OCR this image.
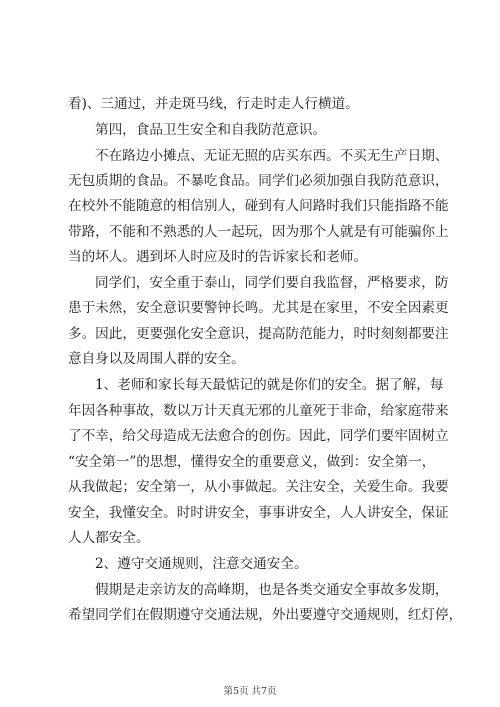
看)、三通过，并走斑马线，行走时走人行横道。
第四，食品卫生安全和自我防范意识。
不在路边小摊点、无证无照的店买东西。不买无生产日期、
无包质期的食品。不暴吃食品。同学们必须加强自我防范意识，
在校外不能随意的相信别人，碰到有人问路时我们只能指路不能
带路，不能和不熟悉的人一起玩，因为那个人就是有可能骗你上
当的坏人。遇到坏人时应及时的告诉家长和老师。
同学们，安全重于泰山，同学们要自我监督，严格要求，防
患于未然，安全意识要警钟长鸣。尤其是在家里，不安全因素更
多。因此，更要强化安全意识，提高防范能力，时时刻刻都要注
意自身以及周围人群的安全。
1、老师和家长每天最惦记的就是你们的安全。据了解，每
年因各种事故，数以万计天真无邪的儿童死于非命，给家庭带来
了不幸，给父母造成无法愈合的创伤。因此，同学们要牢固树立
“安全第一”的思想，懂得安全的重要意义，做到：安全第一，
从我做起；安全第一，从小事做起。关注安全，关爱生命。我要
安全，我懂安全。时时讲安全，事事讲安全，人人讲安全，保证
人人都安全。
2、遵守交通规则，注意交通安全。
假期是走亲访友的高峰期，也是各类交通安全事故多发期，
希望同学们在假期遵守交通法规，外出要遵守交通规则，红灯停，
第5页 共7页
